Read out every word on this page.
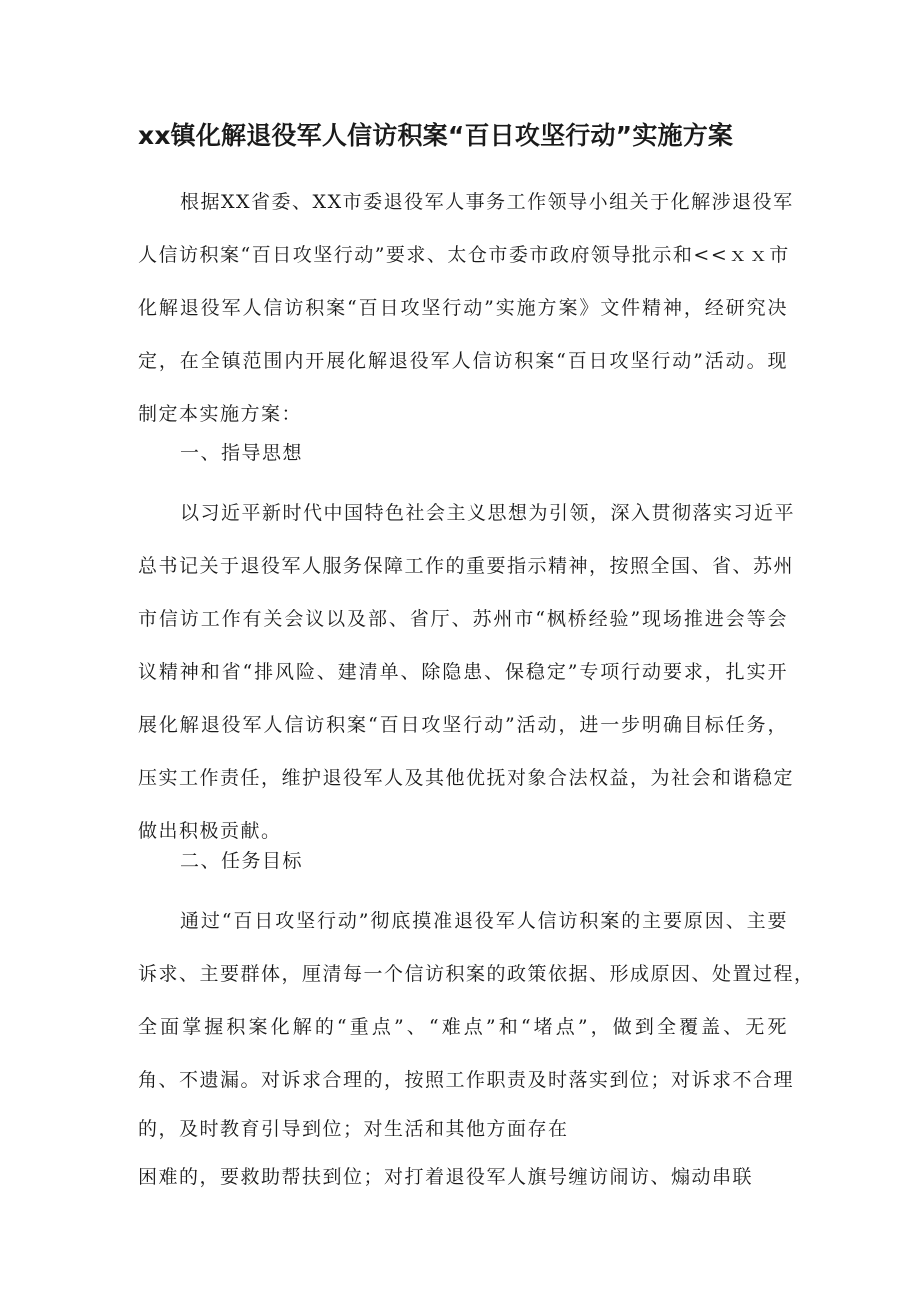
xx镇化解退役军人信访积案“百日攻坚行动”实施方案
根据XX省委、XX市委退役军人事务工作领导小组关于化解涉退役军
人信访积案“百日攻坚行动”要求、太仓市委市政府领导批示和<<ｘｘ市
化解退役军人信访积案“百日攻坚行动”实施方案》文件精神，经研究决
定，在全镇范围内开展化解退役军人信访积案“百日攻坚行动”活动。现
制定本实施方案：
一、指导思想
以习近平新时代中国特色社会主义思想为引领，深入贯彻落实习近平
总书记关于退役军人服务保障工作的重要指示精神，按照全国、省、苏州
市信访工作有关会议以及部、省厅、苏州市“枫桥经验”现场推进会等会
议精神和省“排风险、建清单、除隐患、保稳定”专项行动要求，扎实开
展化解退役军人信访积案“百日攻坚行动”活动，进一步明确目标任务，
压实工作责任，维护退役军人及其他优抚对象合法权益，为社会和谐稳定
做出积极贡献。
二、任务目标
通过“百日攻坚行动”彻底摸准退役军人信访积案的主要原因、主要
诉求、主要群体，厘清每一个信访积案的政策依据、形成原因、处置过程，
全面掌握积案化解的“重点”、“难点”和“堵点”，做到全覆盖、无死
角、不遗漏。对诉求合理的，按照工作职责及时落实到位；对诉求不合理
的，及时教育引导到位；对生活和其他方面存在
困难的，要救助帮扶到位；对打着退役军人旗号缠访闹访、煽动串联
